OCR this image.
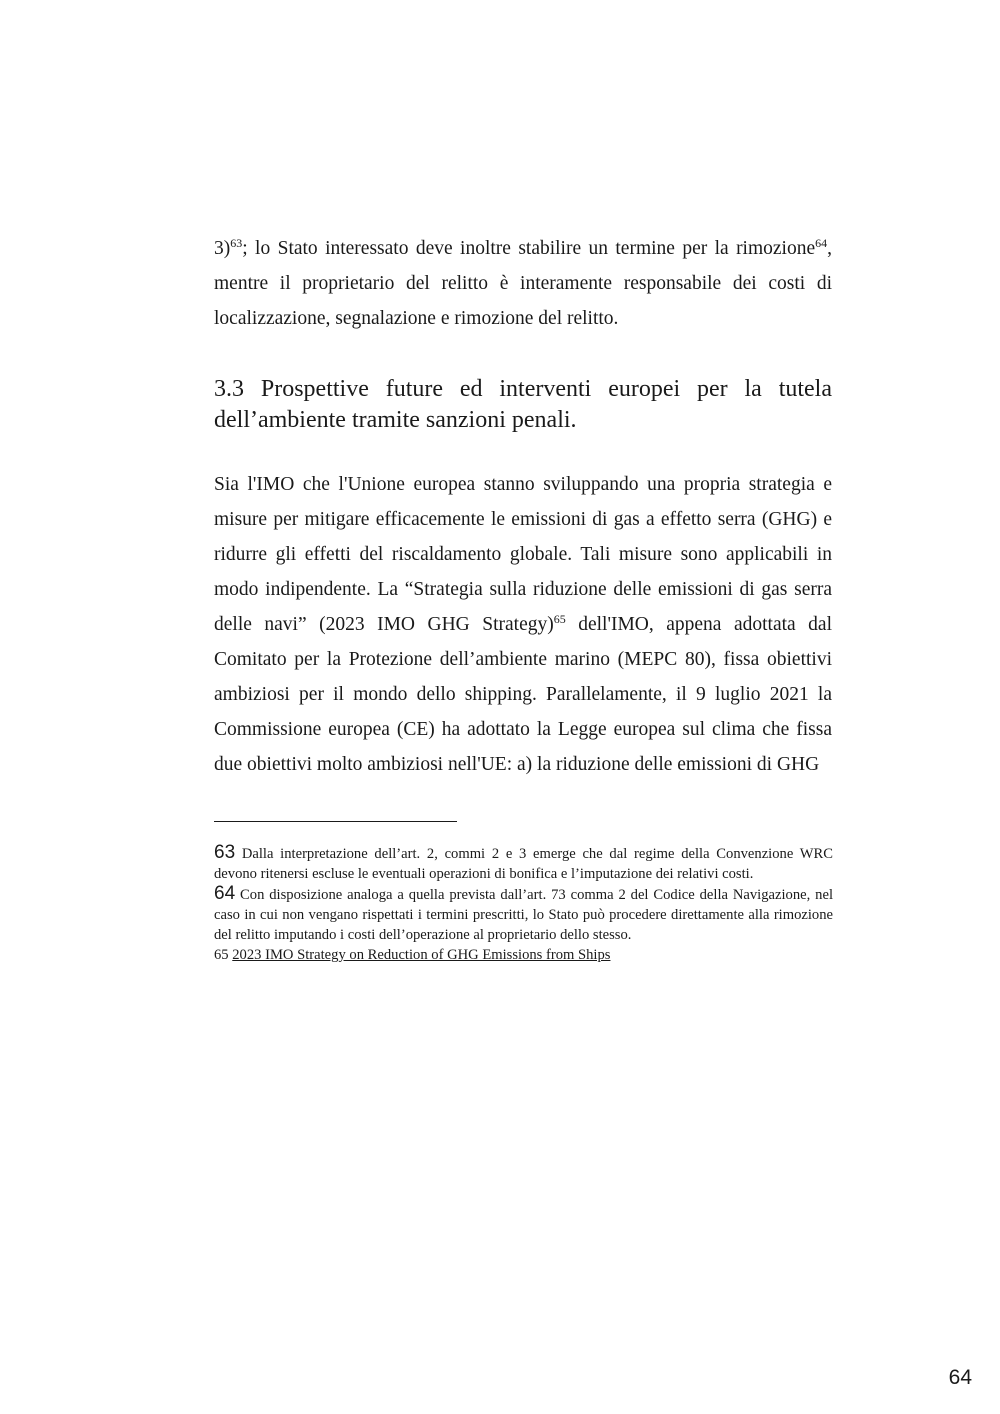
3)$^{63}$; lo Stato interessato deve inoltre stabilire un termine per la rimozione$^{64}$, mentre il proprietario del relitto è interamente responsabile dei costi di localizzazione, segnalazione e rimozione del relitto.

3.3 Prospettive future ed interventi europei per la tutela dell’ambiente tramite sanzioni penali.

Sia l'IMO che l'Unione europea stanno sviluppando una propria strategia e misure per mitigare efficacemente le emissioni di gas a effetto serra (GHG) e ridurre gli effetti del riscaldamento globale. Tali misure sono applicabili in modo indipendente. La “Strategia sulla riduzione delle emissioni di gas serra delle navi” (2023 IMO GHG Strategy)$^{65}$ dell'IMO, appena adottata dal Comitato per la Protezione dell’ambiente marino (MEPC 80), fissa obiettivi ambiziosi per il mondo dello shipping. Parallelamente, il 9 luglio 2021 la Commissione europea (CE) ha adottato la Legge europea sul clima che fissa due obiettivi molto ambiziosi nell'UE: a) la riduzione delle emissioni di GHG

63 Dalla interpretazione dell’art. 2, commi 2 e 3 emerge che dal regime della Convenzione WRC devono ritenersi escluse le eventuali operazioni di bonifica e l’imputazione dei relativi costi.

64 Con disposizione analoga a quella prevista dall’art. 73 comma 2 del Codice della Navigazione, nel caso in cui non vengano rispettati i termini prescritti, lo Stato può procedere direttamente alla rimozione del relitto imputando i costi dell’operazione al proprietario dello stesso.

65 2023 IMO Strategy on Reduction of GHG Emissions from Ships

64
